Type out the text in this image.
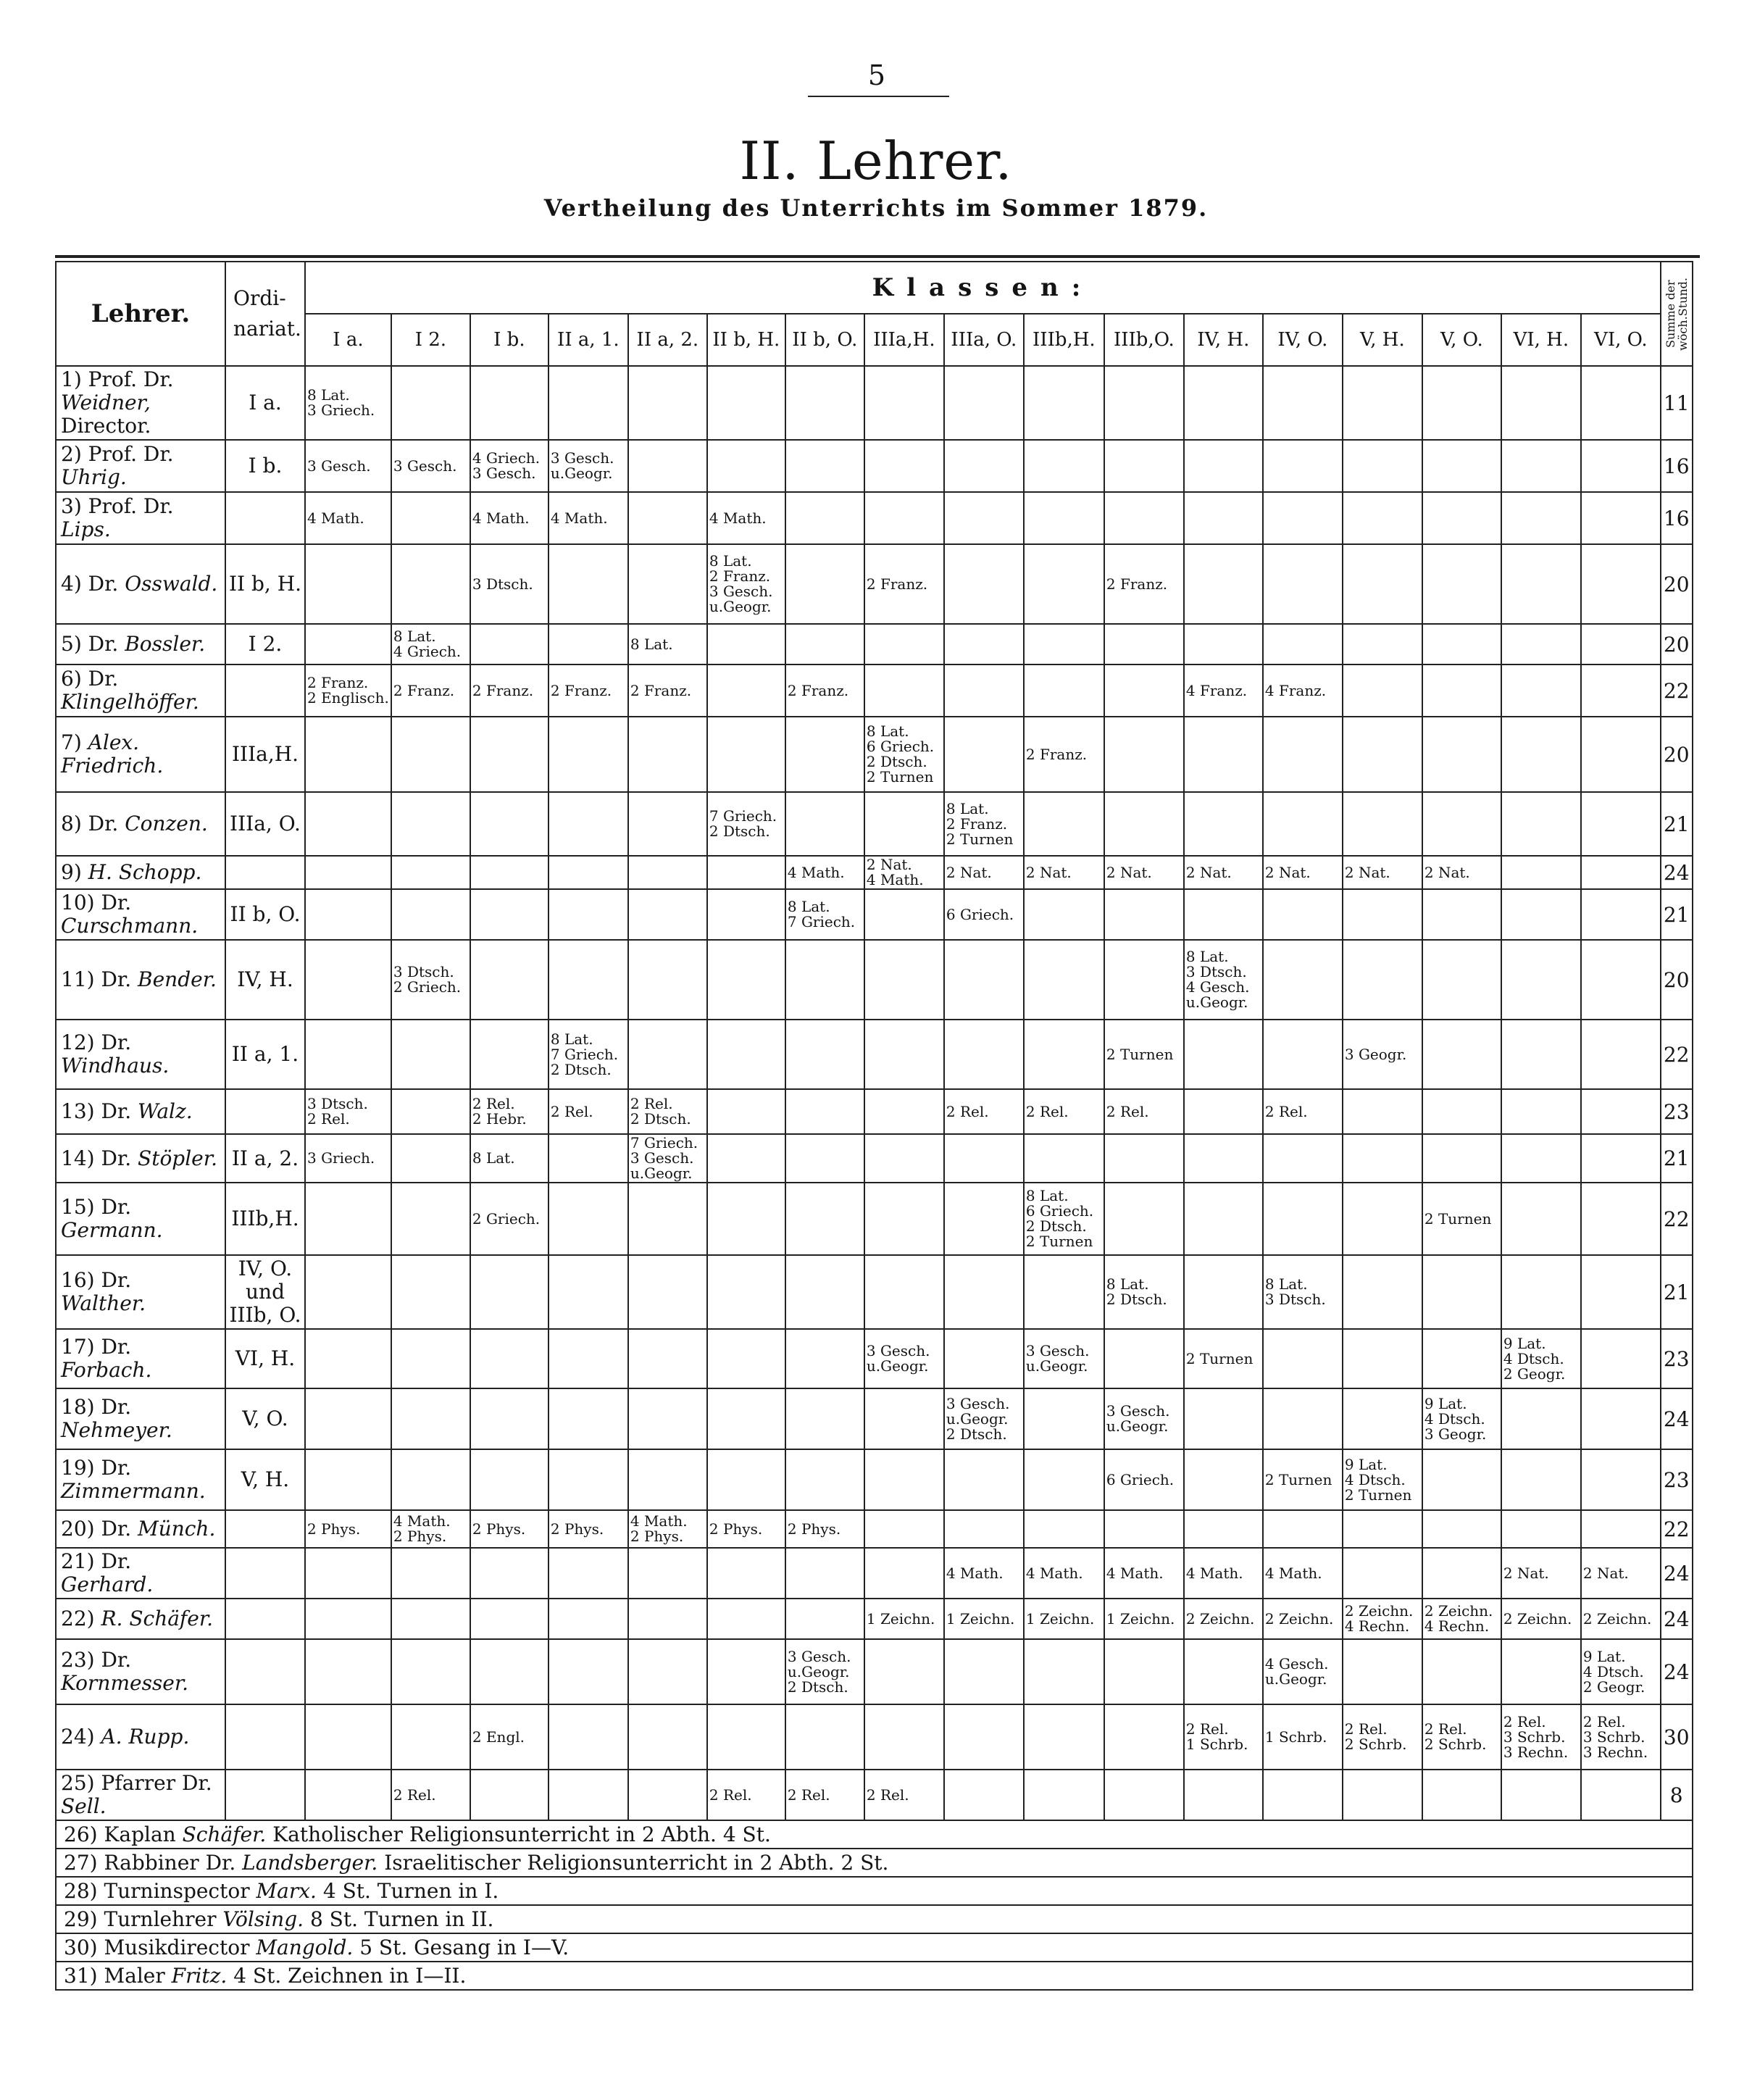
5
II. Lehrer.
Vertheilung des Unterrichts im Sommer 1879.
Lehrer.	Ordi-
nariat.	Klassen:																	Summe der
wöch.Stund.

		I a.	I 2.	I b.	II a, 1.	II a, 2.	II b, H.	II b, O.	IIIa,H.	IIIa, O.	IIIb,H.	IIIb,O.	IV, H.	IV, O.	V, H.	V, O.	VI, H.	VI, O.	
1) Prof. Dr. Weidner,
Director.	I a.	8 Lat.
3 Griech.																	11
2) Prof. Dr. Uhrig.	I b.	3 Gesch.	3 Gesch.	4 Griech.
3 Gesch.	3 Gesch.
u.Geogr.														16
3) Prof. Dr. Lips.		4 Math.		4 Math.	4 Math.		4 Math.												16
4) Dr. Osswald.	II b, H.			3 Dtsch.			8 Lat.
2 Franz.
3 Gesch.
u.Geogr.		2 Franz.			2 Franz.							20
5) Dr. Bossler.	I 2.		8 Lat.
4 Griech.			8 Lat.													20
6) Dr. Klingelhöffer.		2 Franz.
2 Englisch.	2 Franz.	2 Franz.	2 Franz.	2 Franz.		2 Franz.					4 Franz.	4 Franz.					22
7) Alex. Friedrich.	IIIa,H.								8 Lat.
6 Griech.
2 Dtsch.
2 Turnen		2 Franz.								20
8) Dr. Conzen.	IIIa, O.						7 Griech.
2 Dtsch.			8 Lat.
2 Franz.
2 Turnen									21
9) H. Schopp.								4 Math.	2 Nat.
4 Math.	2 Nat.	2 Nat.	2 Nat.	2 Nat.	2 Nat.	2 Nat.	2 Nat.			24
10) Dr. Curschmann.	II b, O.							8 Lat.
7 Griech.		6 Griech.									21
11) Dr. Bender.	IV, H.		3 Dtsch.
2 Griech.										8 Lat.
3 Dtsch.
4 Gesch.
u.Geogr.						20
12) Dr. Windhaus.	II a, 1.				8 Lat.
7 Griech.
2 Dtsch.							2 Turnen			3 Geogr.				22
13) Dr. Walz.		3 Dtsch.
2 Rel.		2 Rel.
2 Hebr.	2 Rel.	2 Rel.
2 Dtsch.				2 Rel.	2 Rel.	2 Rel.		2 Rel.					23
14) Dr. Stöpler.	II a, 2.	3 Griech.		8 Lat.		7 Griech.
3 Gesch.
u.Geogr.													21
15) Dr. Germann.	IIIb,H.			2 Griech.							8 Lat.
6 Griech.
2 Dtsch.
2 Turnen					2 Turnen			22
16) Dr. Walther.	IV, O.
und
IIIb, O.											8 Lat.
2 Dtsch.		8 Lat.
3 Dtsch.					21
17) Dr. Forbach.	VI, H.								3 Gesch.
u.Geogr.		3 Gesch.
u.Geogr.		2 Turnen				9 Lat.
4 Dtsch.
2 Geogr.		23
18) Dr. Nehmeyer.	V, O.									3 Gesch.
u.Geogr.
2 Dtsch.		3 Gesch.
u.Geogr.				9 Lat.
4 Dtsch.
3 Geogr.			24
19) Dr. Zimmermann.	V, H.											6 Griech.		2 Turnen	9 Lat.
4 Dtsch.
2 Turnen				23
20) Dr. Münch.		2 Phys.	4 Math.
2 Phys.	2 Phys.	2 Phys.	4 Math.
2 Phys.	2 Phys.	2 Phys.											22
21) Dr. Gerhard.										4 Math.	4 Math.	4 Math.	4 Math.	4 Math.			2 Nat.	2 Nat.	24
22) R. Schäfer.									1 Zeichn.	1 Zeichn.	1 Zeichn.	1 Zeichn.	2 Zeichn.	2 Zeichn.	2 Zeichn.
4 Rechn.	2 Zeichn.
4 Rechn.	2 Zeichn.	2 Zeichn.	24
23) Dr. Kornmesser.								3 Gesch.
u.Geogr.
2 Dtsch.						4 Gesch.
u.Geogr.				9 Lat.
4 Dtsch.
2 Geogr.	24
24) A. Rupp.				2 Engl.									2 Rel.
1 Schrb.	1 Schrb.	2 Rel.
2 Schrb.	2 Rel.
2 Schrb.	2 Rel.
3 Schrb.
3 Rechn.	2 Rel.
3 Schrb.
3 Rechn.	30
25) Pfarrer Dr. Sell.			2 Rel.				2 Rel.	2 Rel.	2 Rel.										8
26) Kaplan Schäfer. Katholischer Religionsunterricht in 2 Abth. 4 St.																			
27) Rabbiner Dr. Landsberger. Israelitischer Religionsunterricht in 2 Abth. 2 St.																			
28) Turninspector Marx. 4 St. Turnen in I.																			
29) Turnlehrer Völsing. 8 St. Turnen in II.																			
30) Musikdirector Mangold. 5 St. Gesang in I—V.																			
31) Maler Fritz. 4 St. Zeichnen in I—II.																			
